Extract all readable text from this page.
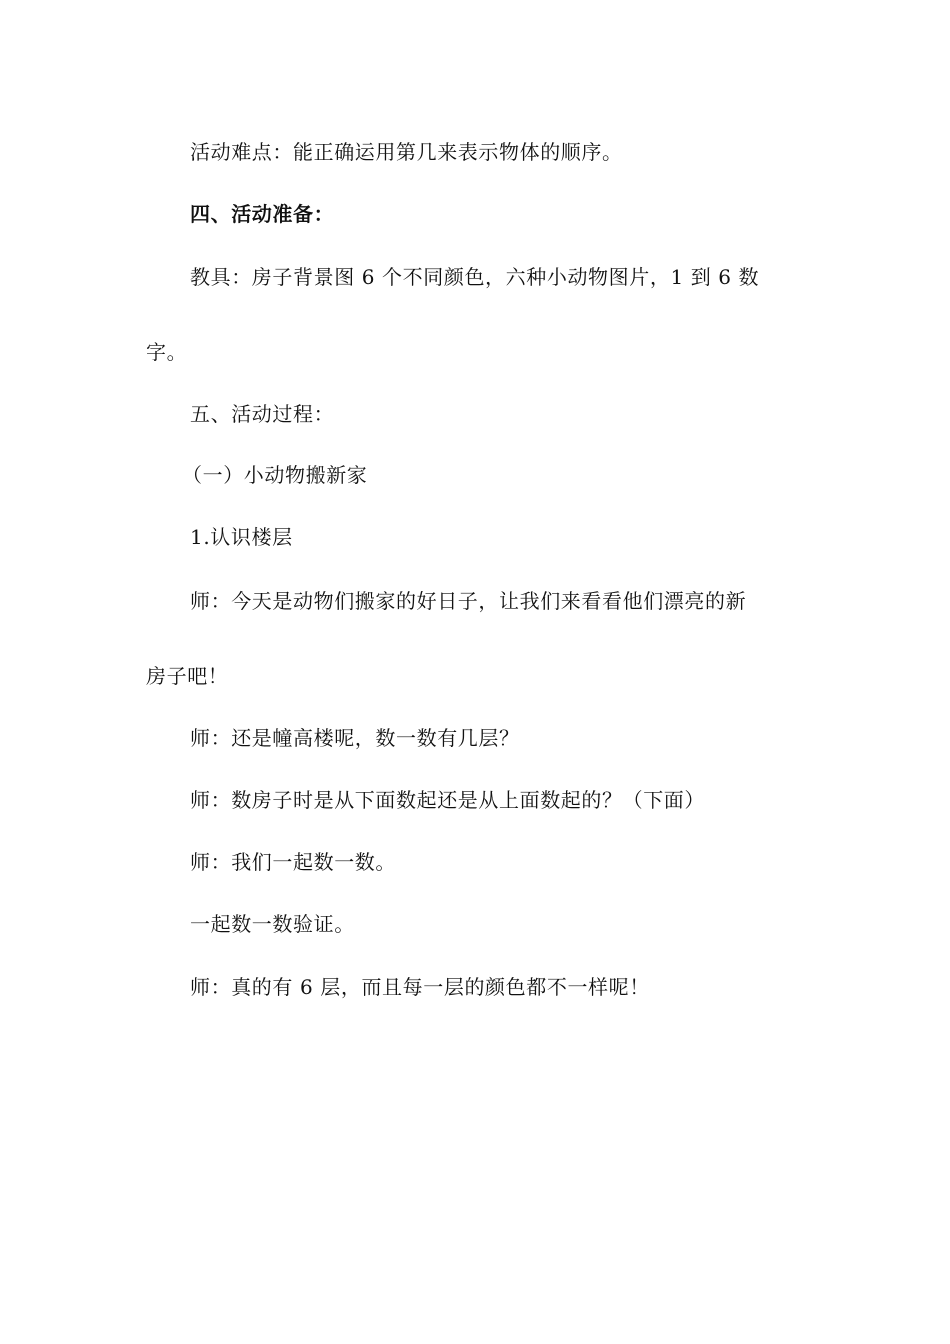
活动难点：能正确运用第几来表示物体的顺序。
四、活动准备：
教具：房子背景图 6 个不同颜色，六种小动物图片，1 到 6 数
字。
五、活动过程：
（一）小动物搬新家
1.认识楼层
师：今天是动物们搬家的好日子，让我们来看看他们漂亮的新
房子吧！
师：还是幢高楼呢，数一数有几层？
师：数房子时是从下面数起还是从上面数起的？（下面）
师：我们一起数一数。
一起数一数验证。
师：真的有 6 层，而且每一层的颜色都不一样呢！
